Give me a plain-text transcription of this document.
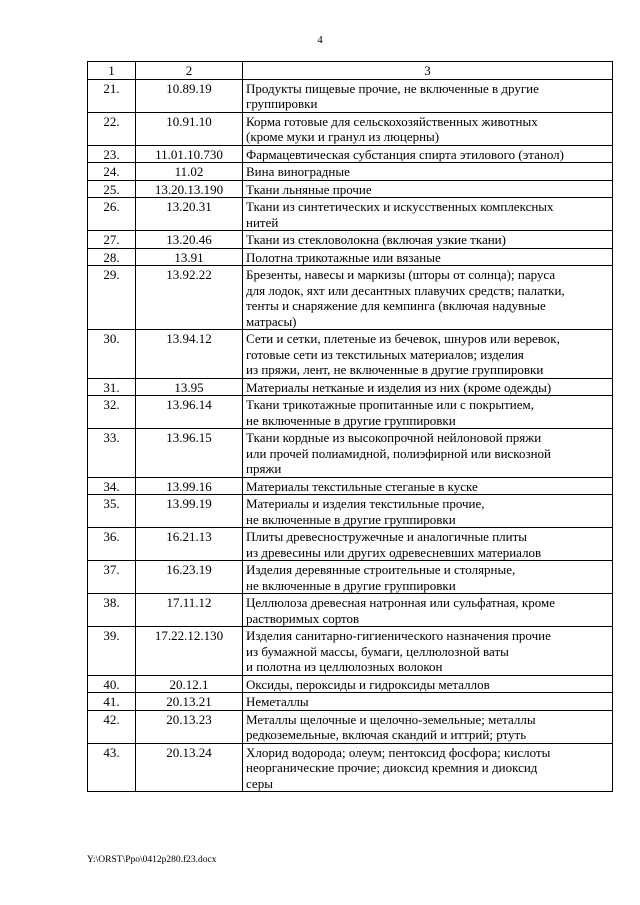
4
1	2	3
21.	10.89.19	Продукты пищевые прочие, не включенные в другие
группировки

22.	10.91.10	Корма готовые для сельскохозяйственных животных
(кроме муки и гранул из люцерны)

23.	11.01.10.730	Фармацевтическая субстанция спирта этилового (этанол)

24.	11.02	Вина виноградные

25.	13.20.13.190	Ткани льняные прочие

26.	13.20.31	Ткани из синтетических и искусственных комплексных
нитей

27.	13.20.46	Ткани из стекловолокна (включая узкие ткани)

28.	13.91	Полотна трикотажные или вязаные

29.	13.92.22	Брезенты, навесы и маркизы (шторы от солнца); паруса
для лодок, яхт или десантных плавучих средств; палатки,
тенты и снаряжение для кемпинга (включая надувные
матрасы)

30.	13.94.12	Сети и сетки, плетеные из бечевок, шнуров или веревок,
готовые сети из текстильных материалов; изделия
из пряжи, лент, не включенные в другие группировки

31.	13.95	Материалы нетканые и изделия из них (кроме одежды)

32.	13.96.14	Ткани трикотажные пропитанные или с покрытием,
не включенные в другие группировки

33.	13.96.15	Ткани кордные из высокопрочной нейлоновой пряжи
или прочей полиамидной, полиэфирной или вискозной
пряжи

34.	13.99.16	Материалы текстильные стеганые в куске

35.	13.99.19	Материалы и изделия текстильные прочие,
не включенные в другие группировки

36.	16.21.13	Плиты древесностружечные и аналогичные плиты
из древесины или других одревесневших материалов

37.	16.23.19	Изделия деревянные строительные и столярные,
не включенные в другие группировки

38.	17.11.12	Целлюлоза древесная натронная или сульфатная, кроме
растворимых сортов

39.	17.22.12.130	Изделия санитарно-гигиенического назначения прочие
из бумажной массы, бумаги, целлюлозной ваты
и полотна из целлюлозных волокон

40.	20.12.1	Оксиды, пероксиды и гидроксиды металлов

41.	20.13.21	Неметаллы

42.	20.13.23	Металлы щелочные и щелочно-земельные; металлы
редкоземельные, включая скандий и иттрий; ртуть

43.	20.13.24	Хлорид водорода; олеум; пентоксид фосфора; кислоты
неорганические прочие; диоксид кремния и диоксид
серы
Y:\ORST\Ppo\0412p280.f23.docx
